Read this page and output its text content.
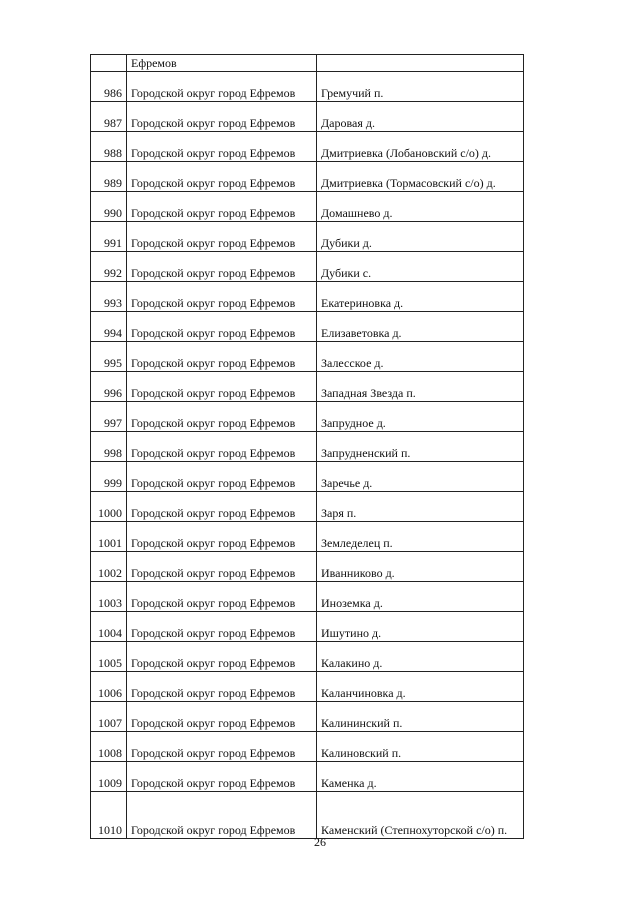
	Ефремов	
986	Городской округ город Ефремов	Гремучий п.
987	Городской округ город Ефремов	Даровая д.
988	Городской округ город Ефремов	Дмитриевка (Лобановский с/о) д.
989	Городской округ город Ефремов	Дмитриевка (Тормасовский с/о) д.
990	Городской округ город Ефремов	Домашнево д.
991	Городской округ город Ефремов	Дубики д.
992	Городской округ город Ефремов	Дубики с.
993	Городской округ город Ефремов	Екатериновка д.
994	Городской округ город Ефремов	Елизаветовка д.
995	Городской округ город Ефремов	Залесское д.
996	Городской округ город Ефремов	Западная Звезда п.
997	Городской округ город Ефремов	Запрудное д.
998	Городской округ город Ефремов	Запрудненский п.
999	Городской округ город Ефремов	Заречье д.
1000	Городской округ город Ефремов	Заря п.
1001	Городской округ город Ефремов	Земледелец п.
1002	Городской округ город Ефремов	Иванниково д.
1003	Городской округ город Ефремов	Иноземка д.
1004	Городской округ город Ефремов	Ишутино д.
1005	Городской округ город Ефремов	Калакино д.
1006	Городской округ город Ефремов	Каланчиновка д.
1007	Городской округ город Ефремов	Калининский п.
1008	Городской округ город Ефремов	Калиновский п.
1009	Городской округ город Ефремов	Каменка д.
1010	Городской округ город Ефремов	Каменский (Степнохуторской с/о) п.
26
